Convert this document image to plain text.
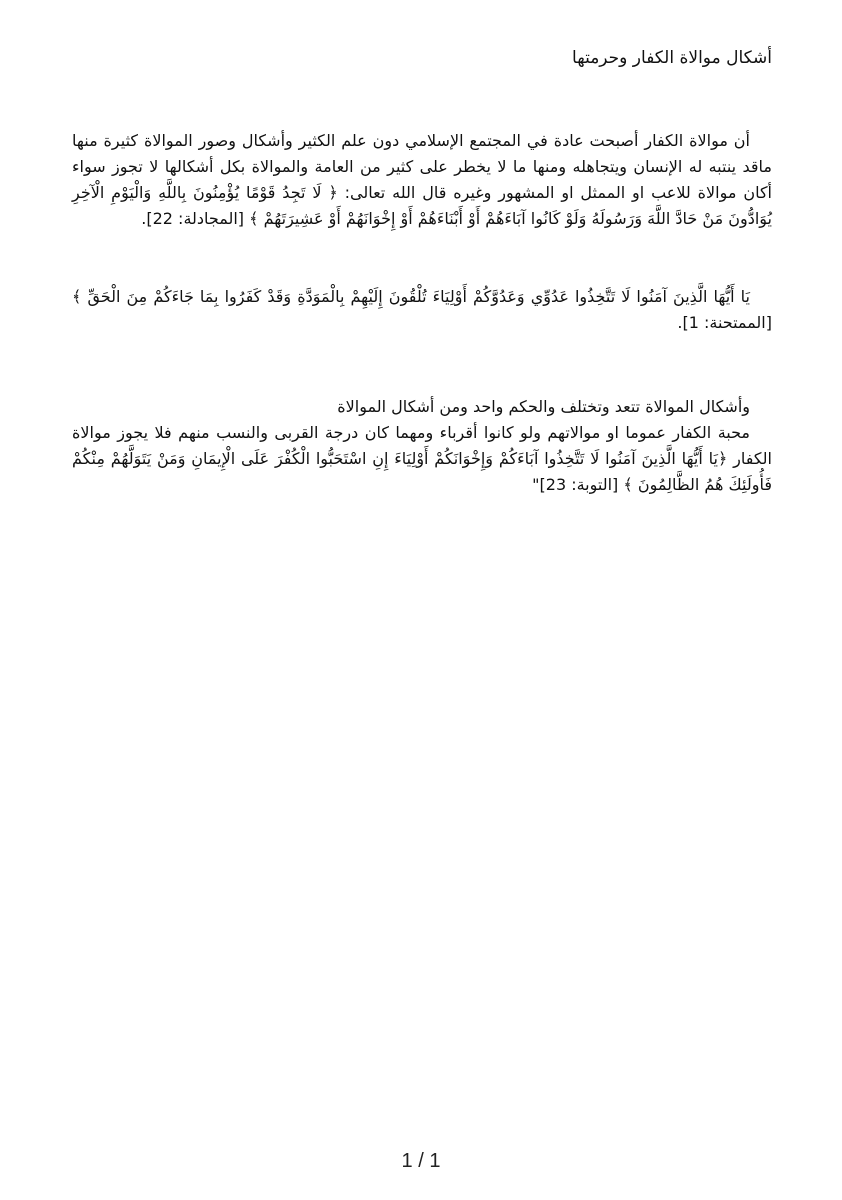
أشكال موالاة الكفار وحرمتها

أن موالاة الكفار أصبحت عادة في المجتمع الإسلامي دون علم الكثير وأشكال وصور الموالاة كثيرة منها ماقد ينتبه له الإنسان ويتجاهله ومنها ما لا يخطر على كثير من العامة والموالاة بكل أشكالها لا تجوز سواء أكان موالاة للاعب او الممثل او المشهور وغيره قال الله تعالى: ﴿ لَا تَجِدُ قَوْمًا يُؤْمِنُونَ بِاللَّهِ وَالْيَوْمِ الْآخِرِ يُوَادُّونَ مَنْ حَادَّ اللَّهَ وَرَسُولَهُ وَلَوْ كَانُوا آبَاءَهُمْ أَوْ أَبْنَاءَهُمْ أَوْ إِخْوَانَهُمْ أَوْ عَشِيرَتَهُمْ ﴾ [المجادلة: 22].

يَا أَيُّهَا الَّذِينَ آمَنُوا لَا تَتَّخِذُوا عَدُوِّي وَعَدُوَّكُمْ أَوْلِيَاءَ تُلْقُونَ إِلَيْهِمْ بِالْمَوَدَّةِ وَقَدْ كَفَرُوا بِمَا جَاءَكُمْ مِنَ الْحَقِّ ﴾ [الممتحنة: 1].

وأشكال الموالاة تتعد وتختلف والحكم واحد ومن أشكال الموالاة

محبة الكفار عموما او موالاتهم ولو كانوا أقرباء ومهما كان درجة القربى والنسب منهم فلا يجوز موالاة الكفار ﴿يَا أَيُّهَا الَّذِينَ آمَنُوا لَا تَتَّخِذُوا آبَاءَكُمْ وَإِخْوَانَكُمْ أَوْلِيَاءَ إِنِ اسْتَحَبُّوا الْكُفْرَ عَلَى الْإِيمَانِ وَمَنْ يَتَوَلَّهُمْ مِنْكُمْ فَأُولَئِكَ هُمُ الظَّالِمُونَ ﴾ [التوبة: 23]"

1 / 1
